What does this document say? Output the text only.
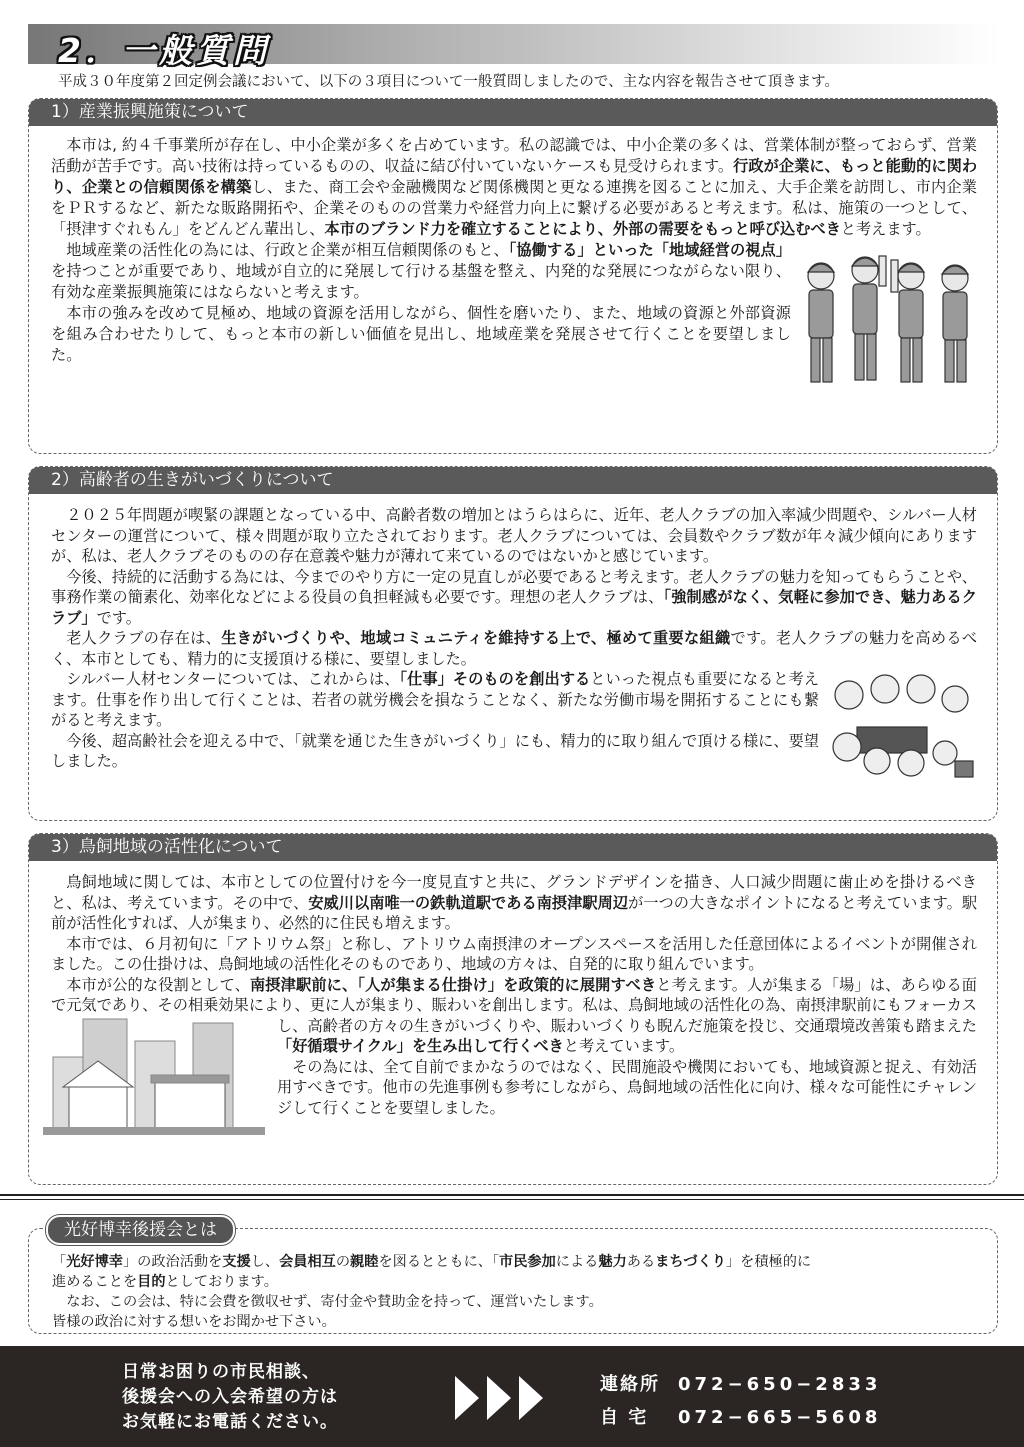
2．一般質問
平成３０年度第２回定例会議において、以下の３項目について一般質問しましたので、主な内容を報告させて頂きます。
1）産業振興施策について

本市は, 約４千事業所が存在し、中小企業が多くを占めています。私の認識では、中小企業の多くは、営業体制が整っておらず、営業活動が苦手です。高い技術は持っているものの、収益に結び付いていないケースも見受けられます。行政が企業に、もっと能動的に関わり、企業との信頼関係を構築し、また、商工会や金融機関など関係機関と更なる連携を図ることに加え、大手企業を訪問し、市内企業をＰＲするなど、新たな販路開拓や、企業そのものの営業力や経営力向上に繋げる必要があると考えます。私は、施策の一つとして、「摂津すぐれもん」をどんどん輩出し、本市のブランド力を確立することにより、外部の需要をもっと呼び込むべきと考えます。

地域産業の活性化の為には、行政と企業が相互信頼関係のもと、「協働する」といった「地域経営の視点」を持つことが重要であり、地域が自立的に発展して行ける基盤を整え、内発的な発展につながらない限り、有効な産業振興施策にはならないと考えます。

本市の強みを改めて見極め、地域の資源を活用しながら、個性を磨いたり、また、地域の資源と外部資源を組み合わせたりして、もっと本市の新しい価値を見出し、地域産業を発展させて行くことを要望しました。

2）高齢者の生きがいづくりについて

２０２５年問題が喫緊の課題となっている中、高齢者数の増加とはうらはらに、近年、老人クラブの加入率減少問題や、シルバー人材センターの運営について、様々問題が取り立たされております。老人クラブについては、会員数やクラブ数が年々減少傾向にありますが、私は、老人クラブそのものの存在意義や魅力が薄れて来ているのではないかと感じています。

今後、持続的に活動する為には、今までのやり方に一定の見直しが必要であると考えます。老人クラブの魅力を知ってもらうことや、事務作業の簡素化、効率化などによる役員の負担軽減も必要です。理想の老人クラブは、「強制感がなく、気軽に参加でき、魅力あるクラブ」です。

老人クラブの存在は、生きがいづくりや、地域コミュニティを維持する上で、極めて重要な組織です。老人クラブの魅力を高めるべく、本市としても、精力的に支援頂ける様に、要望しました。

シルバー人材センターについては、これからは、「仕事」そのものを創出するといった視点も重要になると考えます。仕事を作り出して行くことは、若者の就労機会を損なうことなく、新たな労働市場を開拓することにも繋がると考えます。

今後、超高齢社会を迎える中で、「就業を通じた生きがいづくり」にも、精力的に取り組んで頂ける様に、要望しました。

3）鳥飼地域の活性化について

鳥飼地域に関しては、本市としての位置付けを今一度見直すと共に、グランドデザインを描き、人口減少問題に歯止めを掛けるべきと、私は、考えています。その中で、安威川以南唯一の鉄軌道駅である南摂津駅周辺が一つの大きなポイントになると考えています。駅前が活性化すれば、人が集まり、必然的に住民も増えます。

本市では、６月初旬に「アトリウム祭」と称し、アトリウム南摂津のオープンスペースを活用した任意団体によるイベントが開催されました。この仕掛けは、鳥飼地域の活性化そのものであり、地域の方々は、自発的に取り組んでいます。

本市が公的な役割として、南摂津駅前に、「人が集まる仕掛け」を政策的に展開すべきと考えます。人が集まる「場」は、あらゆる面で元気であり、その相乗効果により、更に人が集まり、賑わいを創出します。私は、鳥飼地域の活性化の為、南摂津駅前にもフォーカスし、高齢者の方々の生きがいづくりや、賑わいづくりも睨んだ施策を投じ、交通環境改善策も踏まえた「好循環サイクル」を生み出して行くべきと考えています。

その為には、全て自前でまかなうのではなく、民間施設や機関においても、地域資源と捉え、有効活用すべきです。他市の先進事例も参考にしながら、鳥飼地域の活性化に向け、様々な可能性にチャレンジして行くことを要望しました。

光好博幸後援会とは
「光好博幸」の政治活動を支援し、会員相互の親睦を図るとともに、「市民参加による魅力あるまちづくり」を積極的に
進めることを目的としております。
なお、この会は、特に会費を徴収せず、寄付金や賛助金を持って、運営いたします。
皆様の政治に対する想いをお聞かせ下さい。
日常お困りの市民相談、
後援会への入会希望の方は
お気軽にお電話ください。
連絡所 072−650−2833
自 宅 072−665−5608
